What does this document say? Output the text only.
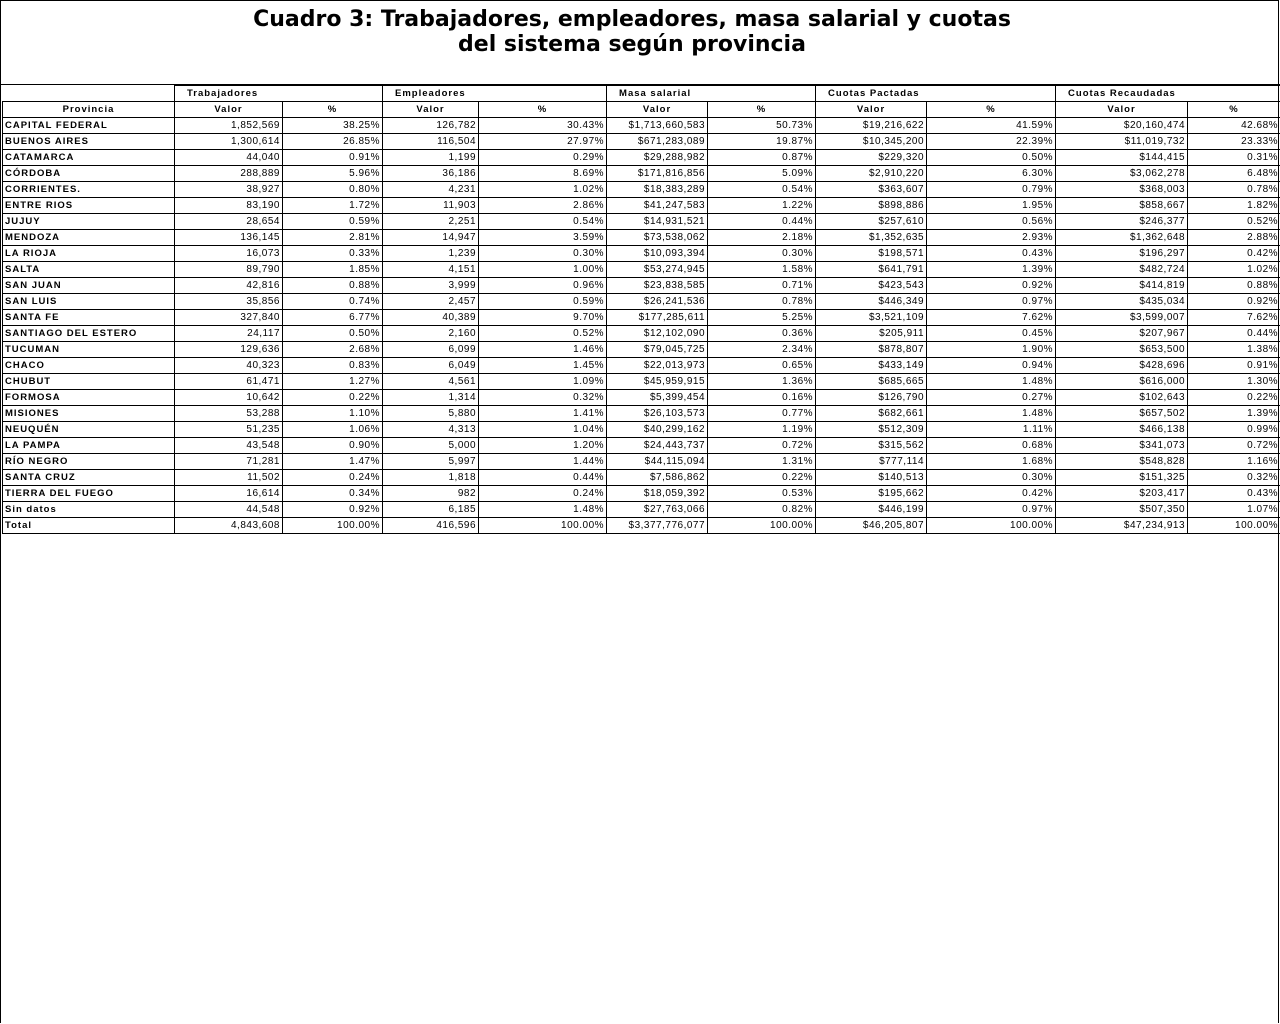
Cuadro 3: Trabajadores, empleadores, masa salarial y cuotas
del sistema según provincia
	Trabajadores		Empleadores		Masa salarial		Cuotas Pactadas		Cuotas Recaudadas	
Provincia	Valor	%	Valor	%	Valor	%	Valor	%	Valor	%
CAPITAL FEDERAL	1,852,569	38.25%	126,782	30.43%	$1,713,660,583	50.73%	$19,216,622	41.59%	$20,160,474	42.68%
BUENOS AIRES	1,300,614	26.85%	116,504	27.97%	$671,283,089	19.87%	$10,345,200	22.39%	$11,019,732	23.33%
CATAMARCA	44,040	0.91%	1,199	0.29%	$29,288,982	0.87%	$229,320	0.50%	$144,415	0.31%
CÓRDOBA	288,889	5.96%	36,186	8.69%	$171,816,856	5.09%	$2,910,220	6.30%	$3,062,278	6.48%
CORRIENTES.	38,927	0.80%	4,231	1.02%	$18,383,289	0.54%	$363,607	0.79%	$368,003	0.78%
ENTRE RIOS	83,190	1.72%	11,903	2.86%	$41,247,583	1.22%	$898,886	1.95%	$858,667	1.82%
JUJUY	28,654	0.59%	2,251	0.54%	$14,931,521	0.44%	$257,610	0.56%	$246,377	0.52%
MENDOZA	136,145	2.81%	14,947	3.59%	$73,538,062	2.18%	$1,352,635	2.93%	$1,362,648	2.88%
LA RIOJA	16,073	0.33%	1,239	0.30%	$10,093,394	0.30%	$198,571	0.43%	$196,297	0.42%
SALTA	89,790	1.85%	4,151	1.00%	$53,274,945	1.58%	$641,791	1.39%	$482,724	1.02%
SAN JUAN	42,816	0.88%	3,999	0.96%	$23,838,585	0.71%	$423,543	0.92%	$414,819	0.88%
SAN LUIS	35,856	0.74%	2,457	0.59%	$26,241,536	0.78%	$446,349	0.97%	$435,034	0.92%
SANTA FE	327,840	6.77%	40,389	9.70%	$177,285,611	5.25%	$3,521,109	7.62%	$3,599,007	7.62%
SANTIAGO DEL ESTERO	24,117	0.50%	2,160	0.52%	$12,102,090	0.36%	$205,911	0.45%	$207,967	0.44%
TUCUMAN	129,636	2.68%	6,099	1.46%	$79,045,725	2.34%	$878,807	1.90%	$653,500	1.38%
CHACO	40,323	0.83%	6,049	1.45%	$22,013,973	0.65%	$433,149	0.94%	$428,696	0.91%
CHUBUT	61,471	1.27%	4,561	1.09%	$45,959,915	1.36%	$685,665	1.48%	$616,000	1.30%
FORMOSA	10,642	0.22%	1,314	0.32%	$5,399,454	0.16%	$126,790	0.27%	$102,643	0.22%
MISIONES	53,288	1.10%	5,880	1.41%	$26,103,573	0.77%	$682,661	1.48%	$657,502	1.39%
NEUQUÉN	51,235	1.06%	4,313	1.04%	$40,299,162	1.19%	$512,309	1.11%	$466,138	0.99%
LA PAMPA	43,548	0.90%	5,000	1.20%	$24,443,737	0.72%	$315,562	0.68%	$341,073	0.72%
RÍO NEGRO	71,281	1.47%	5,997	1.44%	$44,115,094	1.31%	$777,114	1.68%	$548,828	1.16%
SANTA CRUZ	11,502	0.24%	1,818	0.44%	$7,586,862	0.22%	$140,513	0.30%	$151,325	0.32%
TIERRA DEL FUEGO	16,614	0.34%	982	0.24%	$18,059,392	0.53%	$195,662	0.42%	$203,417	0.43%
Sin datos	44,548	0.92%	6,185	1.48%	$27,763,066	0.82%	$446,199	0.97%	$507,350	1.07%
Total	4,843,608	100.00%	416,596	100.00%	$3,377,776,077	100.00%	$46,205,807	100.00%	$47,234,913	100.00%
